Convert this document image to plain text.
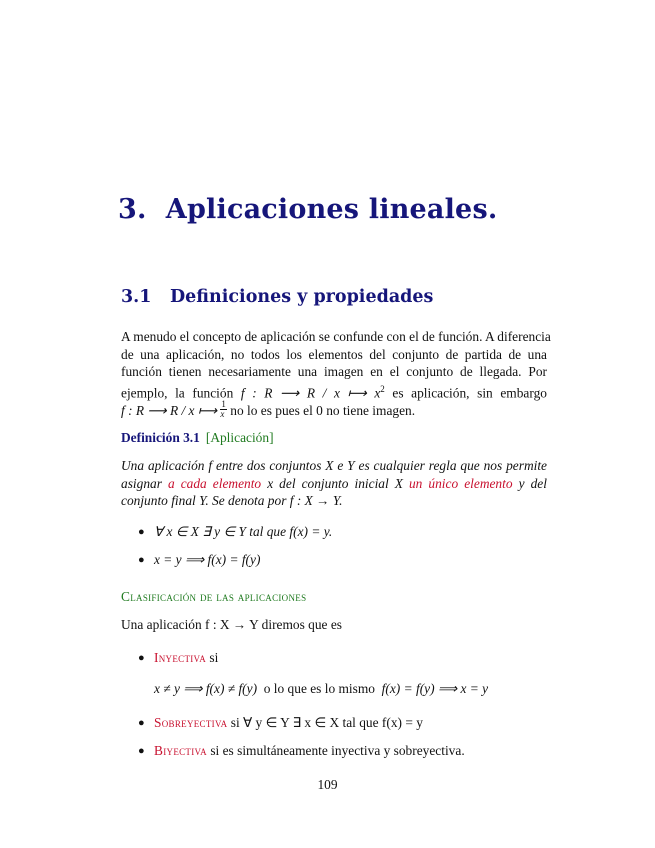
3. Aplicaciones lineales.
3.1 Definiciones y propiedades
A menudo el concepto de aplicación se confunde con el de función. A diferencia
de una aplicación, no todos los elementos del conjunto de partida de una
función tienen necesariamente una imagen en el conjunto de llegada. Por
ejemplo, la función f : R ⟶ R / x ⟼ $x^2$ es aplicación, sin embargo
f : R ⟶ R / x ⟼ $\frac{1}{x}$ no lo es pues el 0 no tiene imagen.

Definición 3.1 [Aplicación]

Una aplicación f entre dos conjuntos X e Y es cualquier regla que nos permite
asignar a cada elemento x del conjunto inicial X un único elemento y del
conjunto final Y. Se denota por f : X → Y.

● ∀ x ∈ X ∃ y ∈ Y tal que f(x) = y.

● x = y ⟹ f(x) = f(y)

Clasificación de las aplicaciones

Una aplicación f : X → Y diremos que es

● Inyectiva si

x ≠ y ⟹ f(x) ≠ f(y) o lo que es lo mismo f(x) = f(y) ⟹ x = y

● Sobreyectiva si ∀ y ∈ Y ∃ x ∈ X tal que f(x) = y

● Biyectiva si es simultáneamente inyectiva y sobreyectiva.

109
